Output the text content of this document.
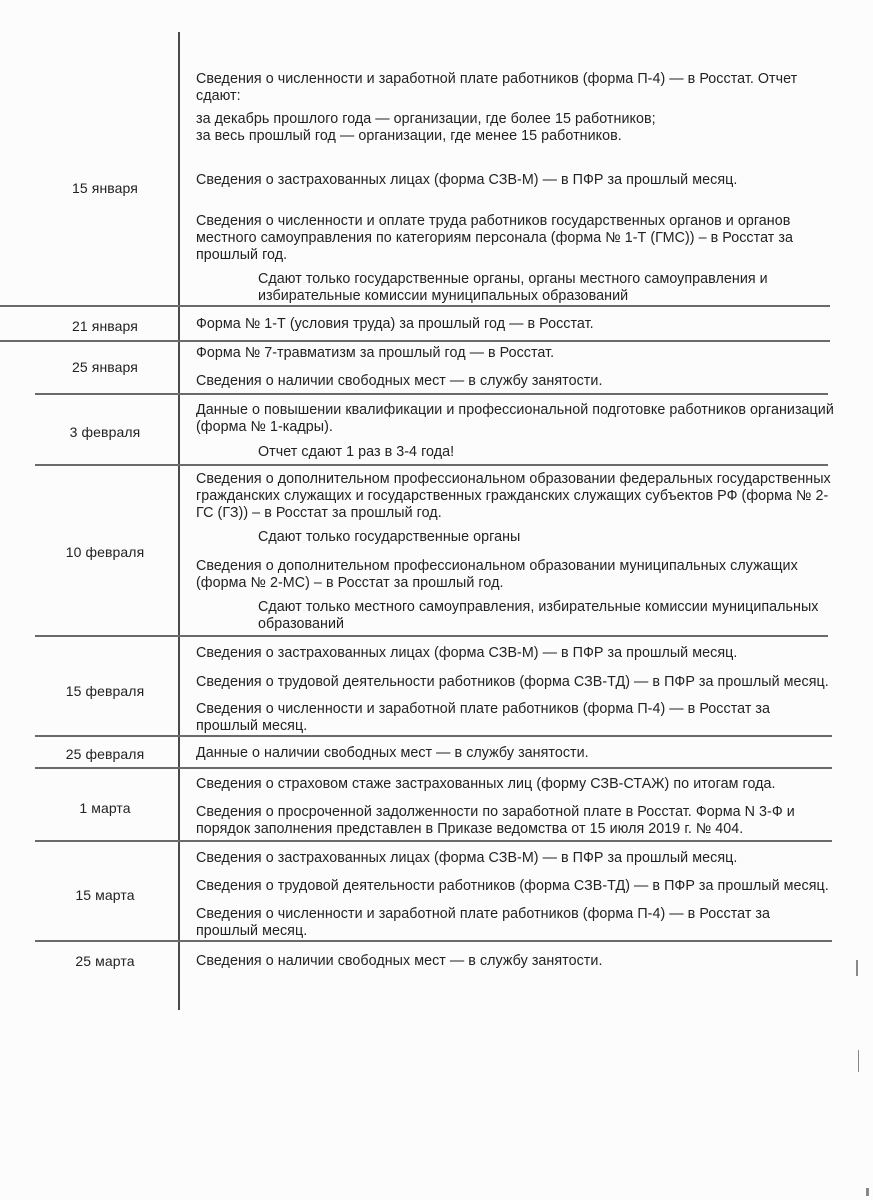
15 января
Сведения о численности и заработной плате работников (форма П-4) — в Росстат. Отчет сдают:
за декабрь прошлого года — организации, где более 15 работников;
за весь прошлый год — организации, где менее 15 работников.
Сведения о застрахованных лицах (форма СЗВ-М) — в ПФР за прошлый месяц.
Сведения о численности и оплате труда работников государственных органов и органов местного самоуправления по категориям персонала (форма № 1-Т (ГМС)) – в Росстат за прошлый год.
Сдают только государственные органы, органы местного самоуправления и избирательные комиссии муниципальных образований
21 января	Форма № 1-Т (условия труда) за прошлый год — в Росстат.
25 января
Форма № 7-травматизм за прошлый год — в Росстат.
Сведения о наличии свободных мест — в службу занятости.
3 февраля
Данные о повышении квалификации и профессиональной подготовке работников организаций (форма № 1-кадры).
Отчет сдают 1 раз в 3-4 года!
10 февраля
Сведения о дополнительном профессиональном образовании федеральных государственных гражданских служащих и государственных гражданских служащих субъектов РФ (форма № 2-ГС (ГЗ)) – в Росстат за прошлый год.
Сдают только государственные органы
Сведения о дополнительном профессиональном образовании муниципальных служащих (форма № 2-МС) – в Росстат за прошлый год.
Сдают только местного самоуправления, избирательные комиссии муниципальных образований
15 февраля
Сведения о застрахованных лицах (форма СЗВ-М) — в ПФР за прошлый месяц.
Сведения о трудовой деятельности работников (форма СЗВ-ТД) — в ПФР за прошлый месяц.
Сведения о численности и заработной плате работников (форма П-4) — в Росстат за прошлый месяц.
25 февраля	Данные о наличии свободных мест — в службу занятости.
1 марта
Сведения о страховом стаже застрахованных лиц (форму СЗВ-СТАЖ) по итогам года.
Сведения о просроченной задолженности по заработной плате в Росстат. Форма N 3-Ф и порядок заполнения представлен в Приказе ведомства от 15 июля 2019 г. № 404.
15 марта
Сведения о застрахованных лицах (форма СЗВ-М) — в ПФР за прошлый месяц.
Сведения о трудовой деятельности работников (форма СЗВ-ТД) — в ПФР за прошлый месяц.
Сведения о численности и заработной плате работников (форма П-4) — в Росстат за прошлый месяц.
25 марта	Сведения о наличии свободных мест — в службу занятости.
